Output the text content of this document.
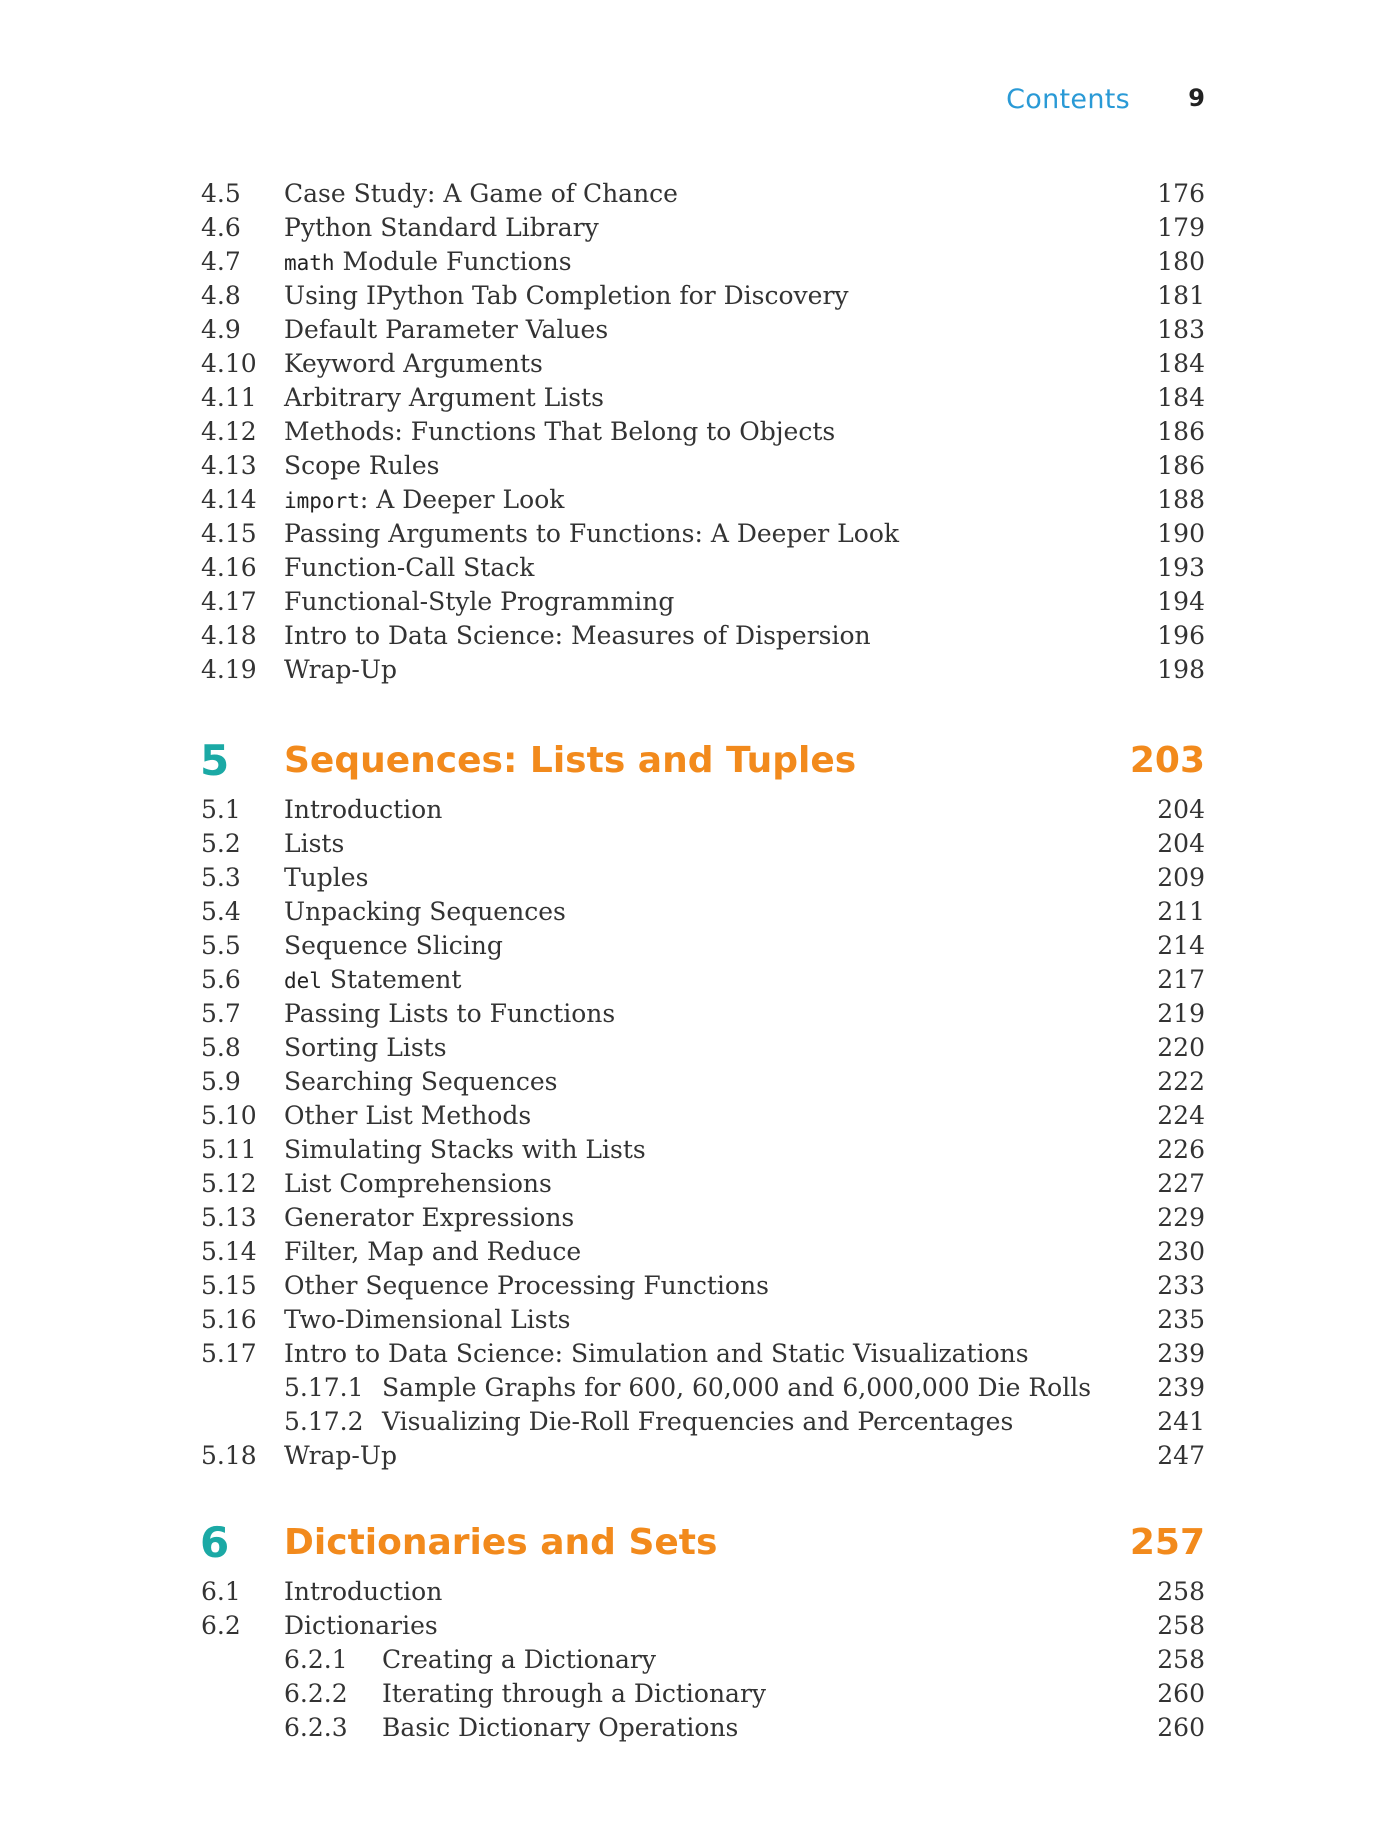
Contents 9
4.5 Case Study: A Game of Chance	176
4.6 Python Standard Library	179
4.7 math Module Functions	180
4.8 Using IPython Tab Completion for Discovery	181
4.9 Default Parameter Values	183
4.10 Keyword Arguments	184
4.11 Arbitrary Argument Lists	184
4.12 Methods: Functions That Belong to Objects	186
4.13 Scope Rules	186
4.14 import: A Deeper Look	188
4.15 Passing Arguments to Functions: A Deeper Look	190
4.16 Function-Call Stack	193
4.17 Functional-Style Programming	194
4.18 Intro to Data Science: Measures of Dispersion	196
4.19 Wrap-Up	198
5 Sequences: Lists and Tuples	203
5.1 Introduction	204
5.2 Lists	204
5.3 Tuples	209
5.4 Unpacking Sequences	211
5.5 Sequence Slicing	214
5.6 del Statement	217
5.7 Passing Lists to Functions	219
5.8 Sorting Lists	220
5.9 Searching Sequences	222
5.10 Other List Methods	224
5.11 Simulating Stacks with Lists	226
5.12 List Comprehensions	227
5.13 Generator Expressions	229
5.14 Filter, Map and Reduce	230
5.15 Other Sequence Processing Functions	233
5.16 Two-Dimensional Lists	235
5.17 Intro to Data Science: Simulation and Static Visualizations	239
5.17.1 Sample Graphs for 600, 60,000 and 6,000,000 Die Rolls	239
5.17.2 Visualizing Die-Roll Frequencies and Percentages	241
5.18 Wrap-Up	247
6 Dictionaries and Sets	257
6.1 Introduction	258
6.2 Dictionaries	258
6.2.1 Creating a Dictionary	258
6.2.2 Iterating through a Dictionary	260
6.2.3 Basic Dictionary Operations	260
